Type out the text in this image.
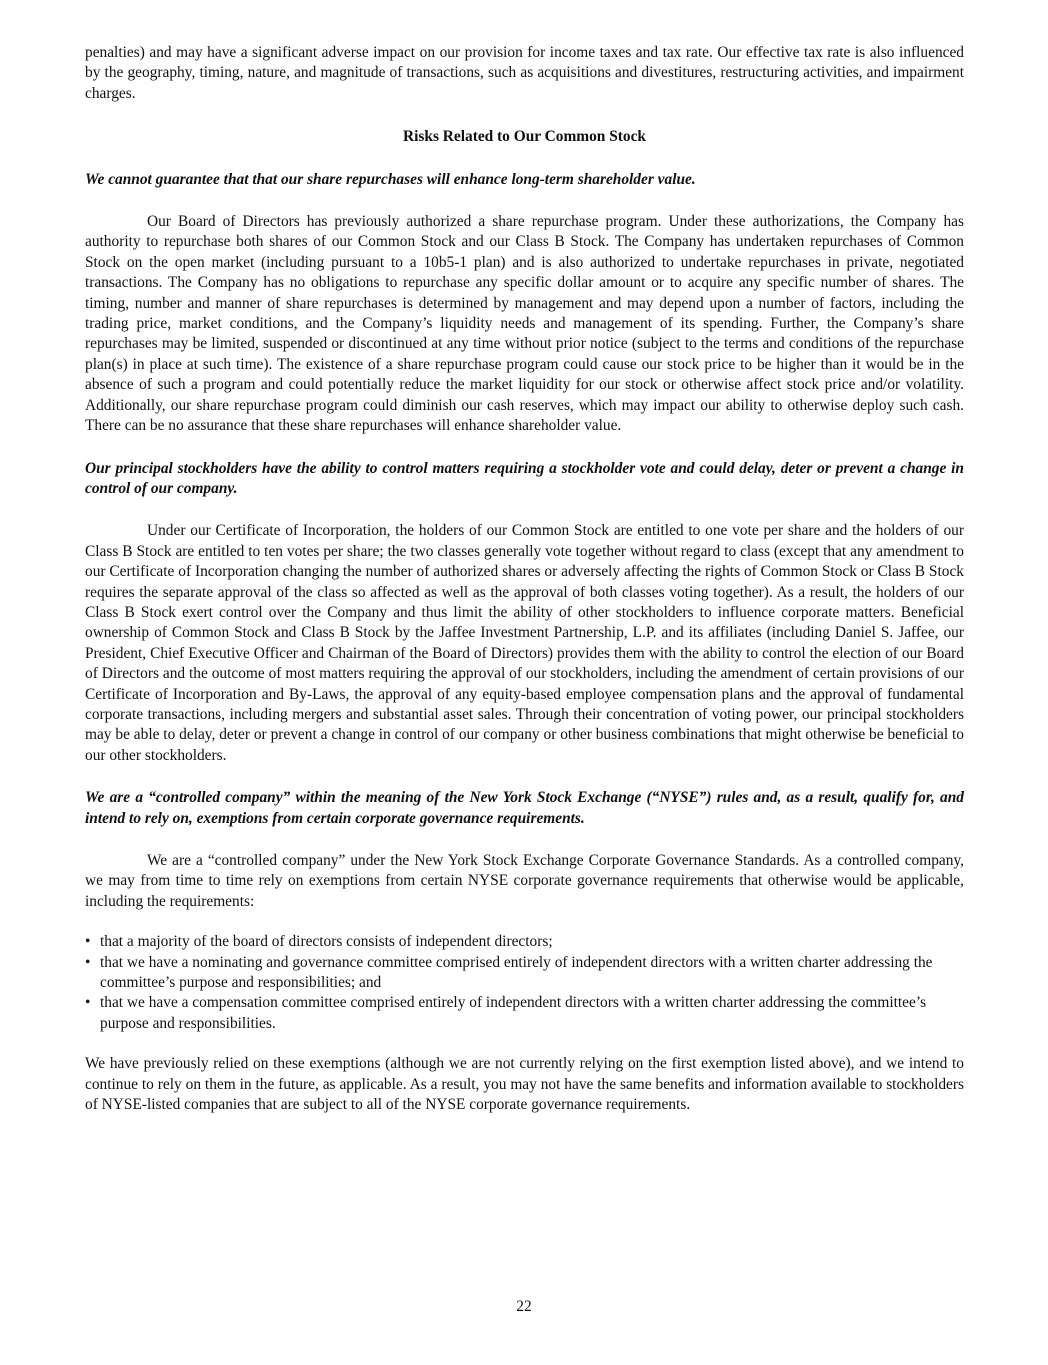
penalties) and may have a significant adverse impact on our provision for income taxes and tax rate. Our effective tax rate is also influenced by the geography, timing, nature, and magnitude of transactions, such as acquisitions and divestitures, restructuring activities, and impairment charges.

Risks Related to Our Common Stock

We cannot guarantee that that our share repurchases will enhance long-term shareholder value.

Our Board of Directors has previously authorized a share repurchase program. Under these authorizations, the Company has authority to repurchase both shares of our Common Stock and our Class B Stock. The Company has undertaken repurchases of Common Stock on the open market (including pursuant to a 10b5-1 plan) and is also authorized to undertake repurchases in private, negotiated transactions. The Company has no obligations to repurchase any specific dollar amount or to acquire any specific number of shares. The timing, number and manner of share repurchases is determined by management and may depend upon a number of factors, including the trading price, market conditions, and the Company’s liquidity needs and management of its spending. Further, the Company’s share repurchases may be limited, suspended or discontinued at any time without prior notice (subject to the terms and conditions of the repurchase plan(s) in place at such time). The existence of a share repurchase program could cause our stock price to be higher than it would be in the absence of such a program and could potentially reduce the market liquidity for our stock or otherwise affect stock price and/or volatility. Additionally, our share repurchase program could diminish our cash reserves, which may impact our ability to otherwise deploy such cash. There can be no assurance that these share repurchases will enhance shareholder value.

Our principal stockholders have the ability to control matters requiring a stockholder vote and could delay, deter or prevent a change in control of our company.

Under our Certificate of Incorporation, the holders of our Common Stock are entitled to one vote per share and the holders of our Class B Stock are entitled to ten votes per share; the two classes generally vote together without regard to class (except that any amendment to our Certificate of Incorporation changing the number of authorized shares or adversely affecting the rights of Common Stock or Class B Stock requires the separate approval of the class so affected as well as the approval of both classes voting together). As a result, the holders of our Class B Stock exert control over the Company and thus limit the ability of other stockholders to influence corporate matters. Beneficial ownership of Common Stock and Class B Stock by the Jaffee Investment Partnership, L.P. and its affiliates (including Daniel S. Jaffee, our President, Chief Executive Officer and Chairman of the Board of Directors) provides them with the ability to control the election of our Board of Directors and the outcome of most matters requiring the approval of our stockholders, including the amendment of certain provisions of our Certificate of Incorporation and By-Laws, the approval of any equity-based employee compensation plans and the approval of fundamental corporate transactions, including mergers and substantial asset sales. Through their concentration of voting power, our principal stockholders may be able to delay, deter or prevent a change in control of our company or other business combinations that might otherwise be beneficial to our other stockholders.

We are a “controlled company” within the meaning of the New York Stock Exchange (“NYSE”) rules and, as a result, qualify for, and intend to rely on, exemptions from certain corporate governance requirements.

We are a “controlled company” under the New York Stock Exchange Corporate Governance Standards. As a controlled company, we may from time to time rely on exemptions from certain NYSE corporate governance requirements that otherwise would be applicable, including the requirements:

• that a majority of the board of directors consists of independent directors;
• that we have a nominating and governance committee comprised entirely of independent directors with a written charter addressing the committee’s purpose and responsibilities; and
• that we have a compensation committee comprised entirely of independent directors with a written charter addressing the committee’s purpose and responsibilities.

We have previously relied on these exemptions (although we are not currently relying on the first exemption listed above), and we intend to continue to rely on them in the future, as applicable. As a result, you may not have the same benefits and information available to stockholders of NYSE-listed companies that are subject to all of the NYSE corporate governance requirements.

22
